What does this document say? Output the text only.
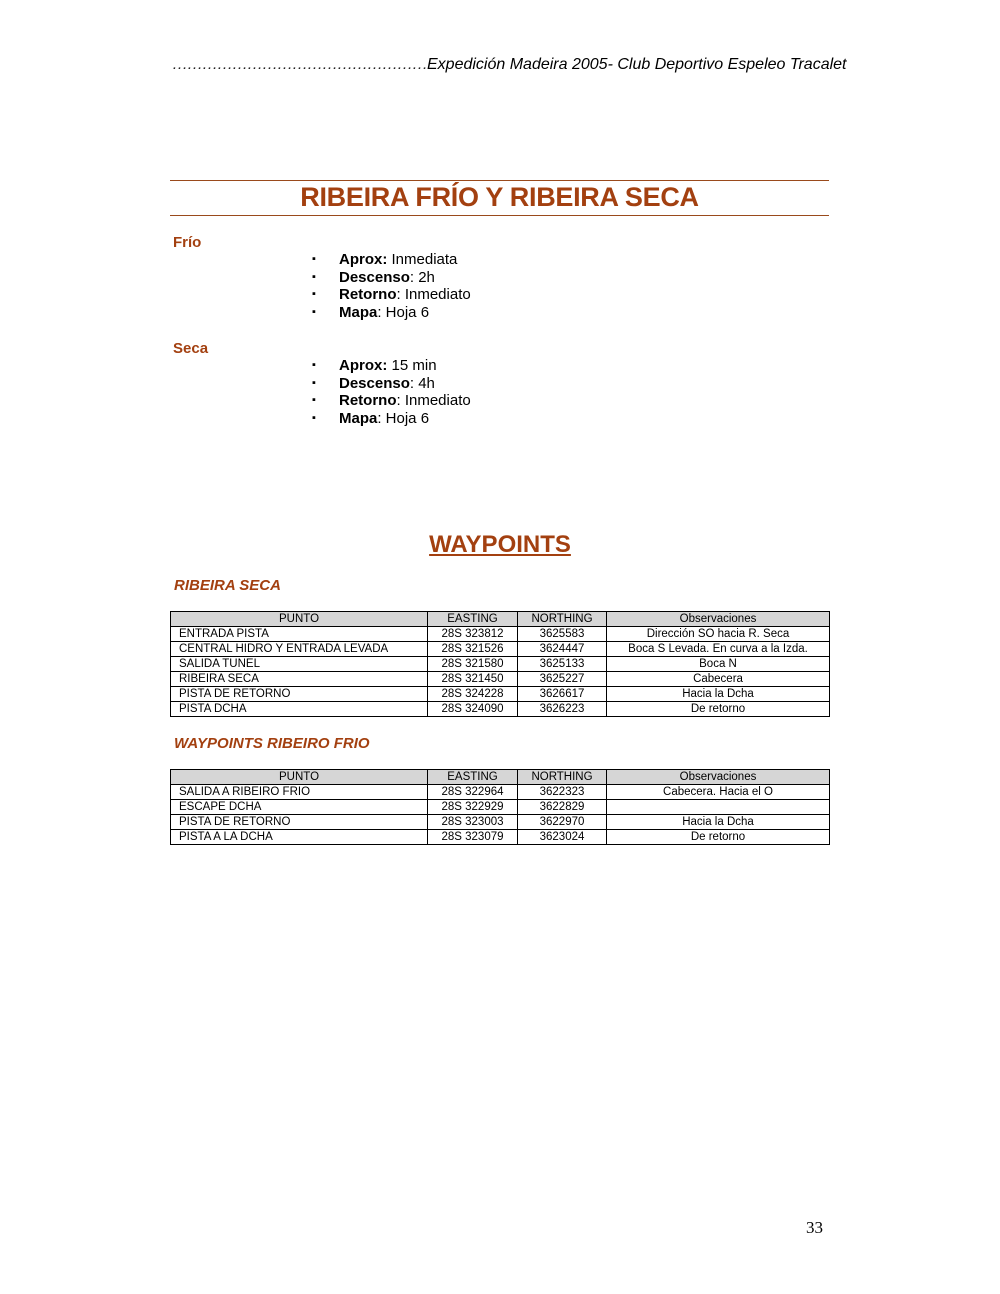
……………………………………………Expedición Madeira 2005- Club Deportivo Espeleo Tracalet
RIBEIRA FRÍO Y RIBEIRA SECA
Frío
▪ Aprox: Inmediata
▪ Descenso: 2h
▪ Retorno: Inmediato
▪ Mapa: Hoja 6
Seca
▪ Aprox: 15 min
▪ Descenso: 4h
▪ Retorno: Inmediato
▪ Mapa: Hoja 6
WAYPOINTS
RIBEIRA SECA
PUNTO	EASTING	NORTHING	Observaciones
ENTRADA PISTA	28S 323812	3625583	Dirección SO hacia R. Seca
CENTRAL HIDRO Y ENTRADA LEVADA	28S 321526	3624447	Boca S Levada. En curva a la Izda.
SALIDA TUNEL	28S 321580	3625133	Boca N
RIBEIRA SECA	28S 321450	3625227	Cabecera
PISTA DE RETORNO	28S 324228	3626617	Hacia la Dcha
PISTA DCHA	28S 324090	3626223	De retorno
WAYPOINTS RIBEIRO FRIO
PUNTO	EASTING	NORTHING	Observaciones
SALIDA A RIBEIRO FRIO	28S 322964	3622323	Cabecera. Hacia el O
ESCAPE DCHA	28S 322929	3622829	
PISTA DE RETORNO	28S 323003	3622970	Hacia la Dcha
PISTA A LA DCHA	28S 323079	3623024	De retorno
33
